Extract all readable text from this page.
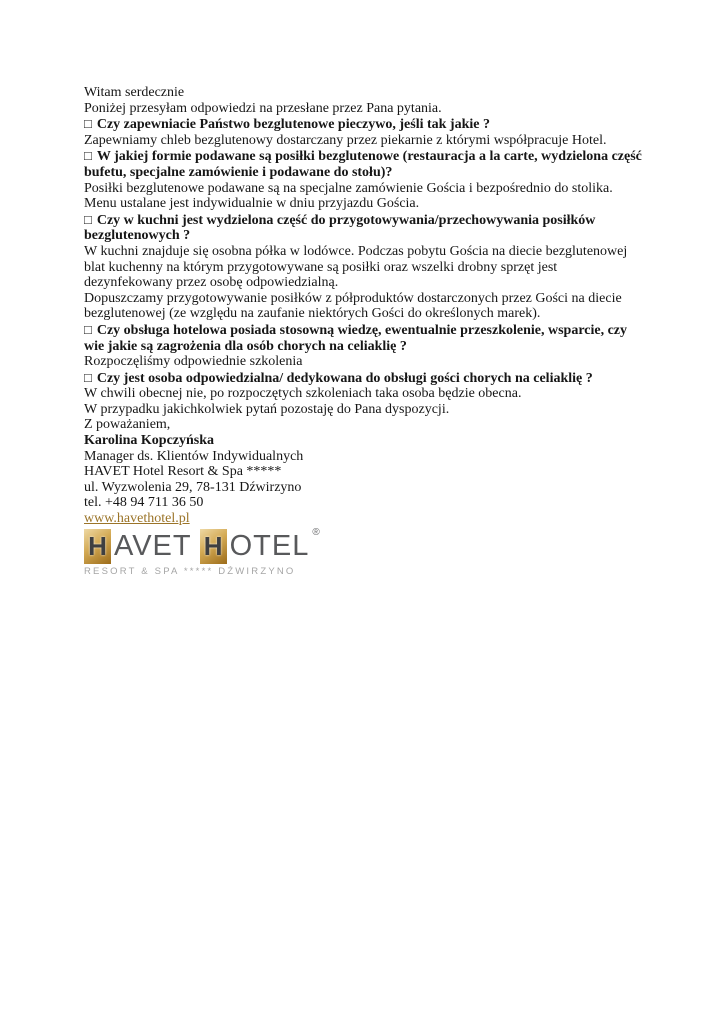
Witam serdecznie

Poniżej przesyłam odpowiedzi na przesłane przez Pana pytania.

□ Czy zapewniacie Państwo bezglutenowe pieczywo, jeśli tak jakie ?
Zapewniamy chleb bezglutenowy dostarczany przez piekarnie z którymi współpracuje Hotel.
□ W jakiej formie podawane są posiłki bezglutenowe (restauracja a la carte, wydzielona część bufetu, specjalne zamówienie i podawane do stołu)?
Posiłki bezglutenowe podawane są na specjalne zamówienie Gościa i bezpośrednio do stolika. Menu ustalane jest indywidualnie w dniu przyjazdu Gościa.
□ Czy w kuchni jest wydzielona część do przygotowywania/przechowywania posiłków bezglutenowych ?
W kuchni znajduje się osobna półka w lodówce. Podczas pobytu Gościa na diecie bezglutenowej blat kuchenny na którym przygotowywane są posiłki oraz wszelki drobny sprzęt jest dezynfekowany przez osobę odpowiedzialną.
Dopuszczamy przygotowywanie posiłków z półproduktów dostarczonych przez Gości na diecie bezglutenowej (ze względu na zaufanie niektórych Gości do określonych marek).
□ Czy obsługa hotelowa posiada stosowną wiedzę, ewentualnie przeszkolenie, wsparcie, czy wie jakie są zagrożenia dla osób chorych na celiaklię ?
Rozpoczęliśmy odpowiednie szkolenia
□ Czy jest osoba odpowiedzialna/ dedykowana do obsługi gości chorych na celiaklię ?
W chwili obecnej nie, po rozpoczętych szkoleniach taka osoba będzie obecna.

W przypadku jakichkolwiek pytań pozostaję do Pana dyspozycji.

Z poważaniem,
Karolina Kopczyńska
Manager ds. Klientów Indywidualnych
HAVET Hotel Resort & Spa *****
ul. Wyzwolenia 29, 78-131 Dźwirzyno
tel. +48 94 711 36 50
www.havethotel.pl
H AVET H OTEL ®
RESORT & SPA ***** DŹWIRZYNO
